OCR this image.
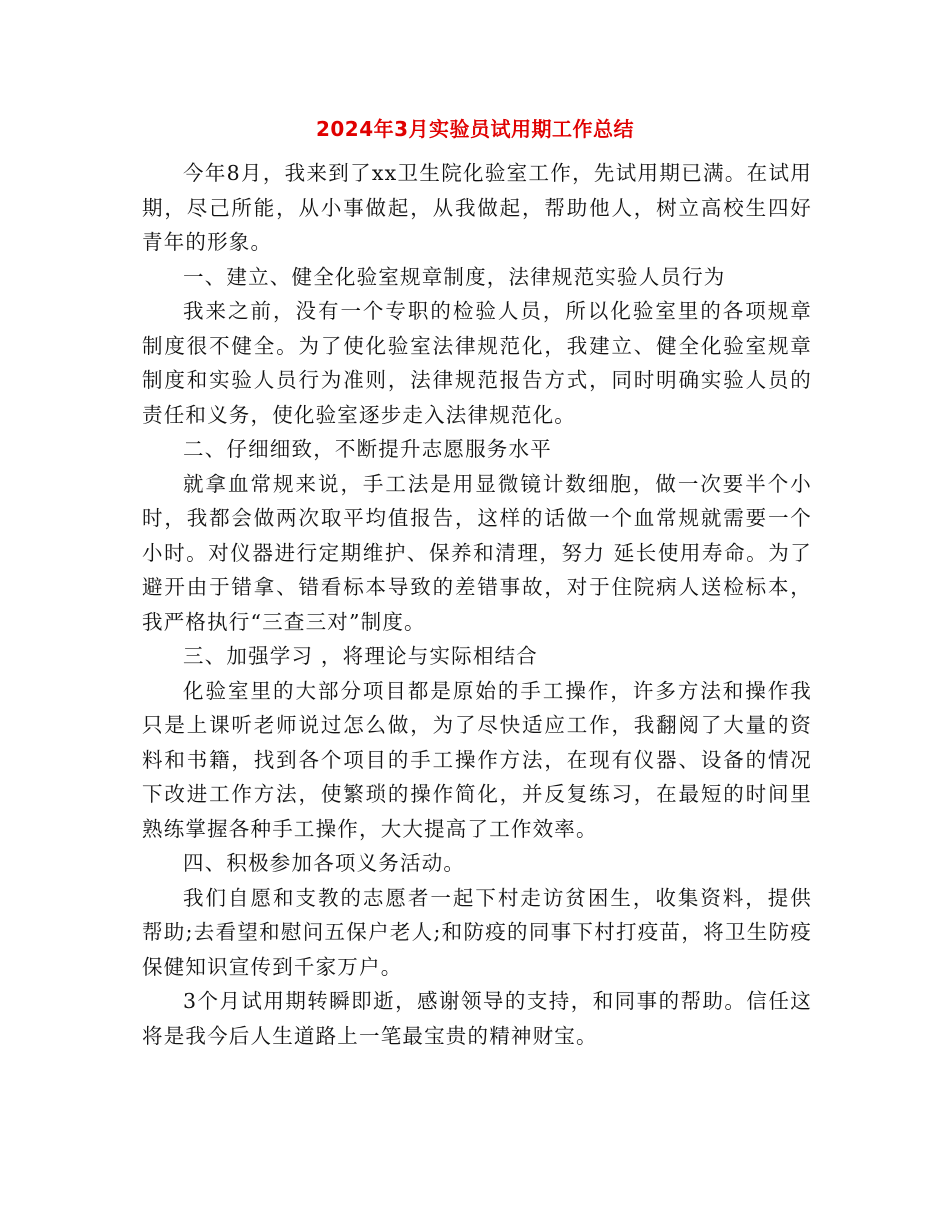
2024年3月实验员试用期工作总结

今年8月，我来到了xx卫生院化验室工作，先试用期已满。在试用期，尽己所能，从小事做起，从我做起，帮助他人，树立高校生四好青年的形象。

一、建立、健全化验室规章制度，法律规范实验人员行为

我来之前，没有一个专职的检验人员，所以化验室里的各项规章制度很不健全。为了使化验室法律规范化，我建立、健全化验室规章制度和实验人员行为准则，法律规范报告方式，同时明确实验人员的责任和义务，使化验室逐步走入法律规范化。

二、仔细细致，不断提升志愿服务水平

就拿血常规来说，手工法是用显微镜计数细胞，做一次要半个小时，我都会做两次取平均值报告，这样的话做一个血常规就需要一个小时。对仪器进行定期维护、保养和清理，努力 延长使用寿命。为了避开由于错拿、错看标本导致的差错事故，对于住院病人送检标本，我严格执行“三查三对”制度。

三、加强学习 ，将理论与实际相结合

化验室里的大部分项目都是原始的手工操作，许多方法和操作我只是上课听老师说过怎么做，为了尽快适应工作，我翻阅了大量的资料和书籍，找到各个项目的手工操作方法，在现有仪器、设备的情况下改进工作方法，使繁琐的操作简化，并反复练习，在最短的时间里熟练掌握各种手工操作，大大提高了工作效率。

四、积极参加各项义务活动。

我们自愿和支教的志愿者一起下村走访贫困生，收集资料，提供帮助;去看望和慰问五保户老人;和防疫的同事下村打疫苗，将卫生防疫保健知识宣传到千家万户。

3个月试用期转瞬即逝，感谢领导的支持，和同事的帮助。信任这将是我今后人生道路上一笔最宝贵的精神财宝。
